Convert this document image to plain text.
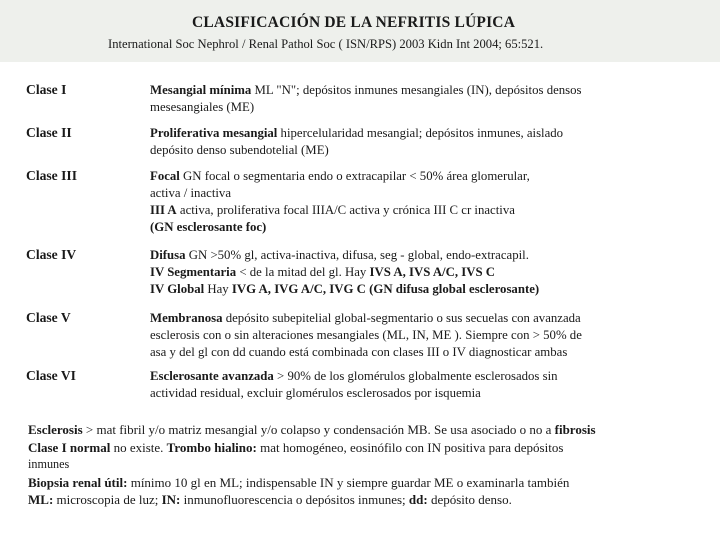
CLASIFICACIÓN DE LA NEFRITIS LÚPICA
International Soc Nephrol / Renal Pathol Soc ( ISN/RPS) 2003 Kidn Int 2004; 65:521.
Clase I	Mesangial mínima ML "N"; depósitos inmunes mesangiales (IN), depósitos densos
mesesangiales (ME)
Clase II	Proliferativa mesangial hipercelularidad mesangial; depósitos inmunes, aislado
depósito denso subendotelial (ME)
Clase III	Focal GN focal o segmentaria endo o extracapilar < 50% área glomerular,
activa / inactiva
III A activa, proliferativa focal IIIA/C activa y crónica III C cr inactiva
(GN esclerosante foc)
Clase IV	Difusa GN >50% gl, activa-inactiva, difusa, seg - global, endo-extracapil.
IV Segmentaria < de la mitad del gl. Hay IVS A, IVS A/C, IVS C
IV Global Hay IVG A, IVG A/C, IVG C (GN difusa global esclerosante)
Clase V	Membranosa depósito subepitelial global-segmentario o sus secuelas con avanzada
esclerosis con o sin alteraciones mesangiales (ML, IN, ME ). Siempre con > 50% de
asa y del gl con dd cuando está combinada con clases III o IV diagnosticar ambas
Clase VI	Esclerosante avanzada > 90% de los glomérulos globalmente esclerosados sin
actividad residual, excluir glomérulos esclerosados por isquemia
Esclerosis > mat fibril y/o matriz mesangial y/o colapso y condensación MB. Se usa asociado o no a fibrosis
Clase I normal no existe. Trombo hialino: mat homogéneo, eosinófilo con IN positiva para depósitos
inmunes
Biopsia renal útil: mínimo 10 gl en ML; indispensable IN y siempre guardar ME o examinarla también
ML: microscopia de luz; IN: inmunofluorescencia o depósitos inmunes; dd: depósito denso.
